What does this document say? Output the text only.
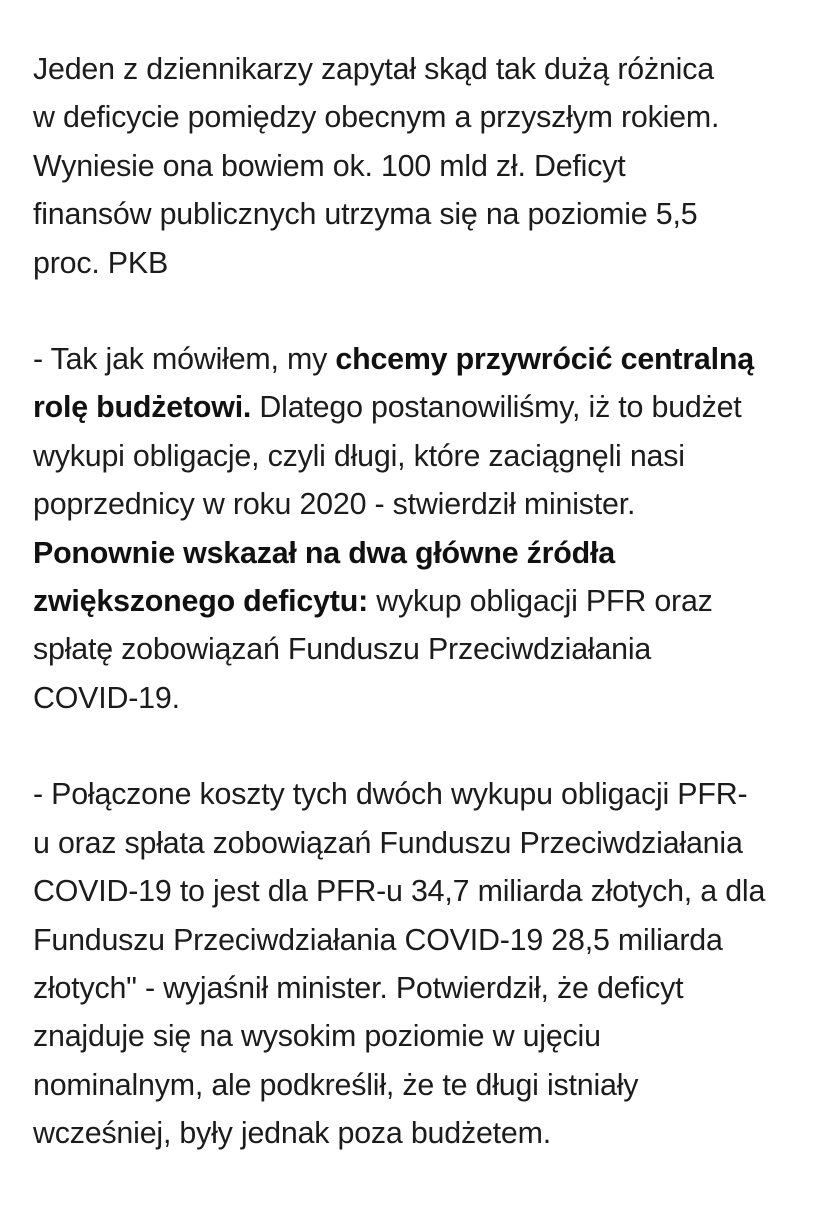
Jeden z dziennikarzy zapytał skąd tak dużą różnica
w deficycie pomiędzy obecnym a przyszłym rokiem.
Wyniesie ona bowiem ok. 100 mld zł. Deficyt
finansów publicznych utrzyma się na poziomie 5,5
proc. PKB

- Tak jak mówiłem, my chcemy przywrócić centralną
rolę budżetowi. Dlatego postanowiliśmy, iż to budżet
wykupi obligacje, czyli długi, które zaciągnęli nasi
poprzednicy w roku 2020 - stwierdził minister.
Ponownie wskazał na dwa główne źródła
zwiększonego deficytu: wykup obligacji PFR oraz
spłatę zobowiązań Funduszu Przeciwdziałania
COVID-19.

- Połączone koszty tych dwóch wykupu obligacji PFR-
u oraz spłata zobowiązań Funduszu Przeciwdziałania
COVID-19 to jest dla PFR-u 34,7 miliarda złotych, a dla
Funduszu Przeciwdziałania COVID-19 28,5 miliarda
złotych" - wyjaśnił minister. Potwierdził, że deficyt
znajduje się na wysokim poziomie w ujęciu
nominalnym, ale podkreślił, że te długi istniały
wcześniej, były jednak poza budżetem.
